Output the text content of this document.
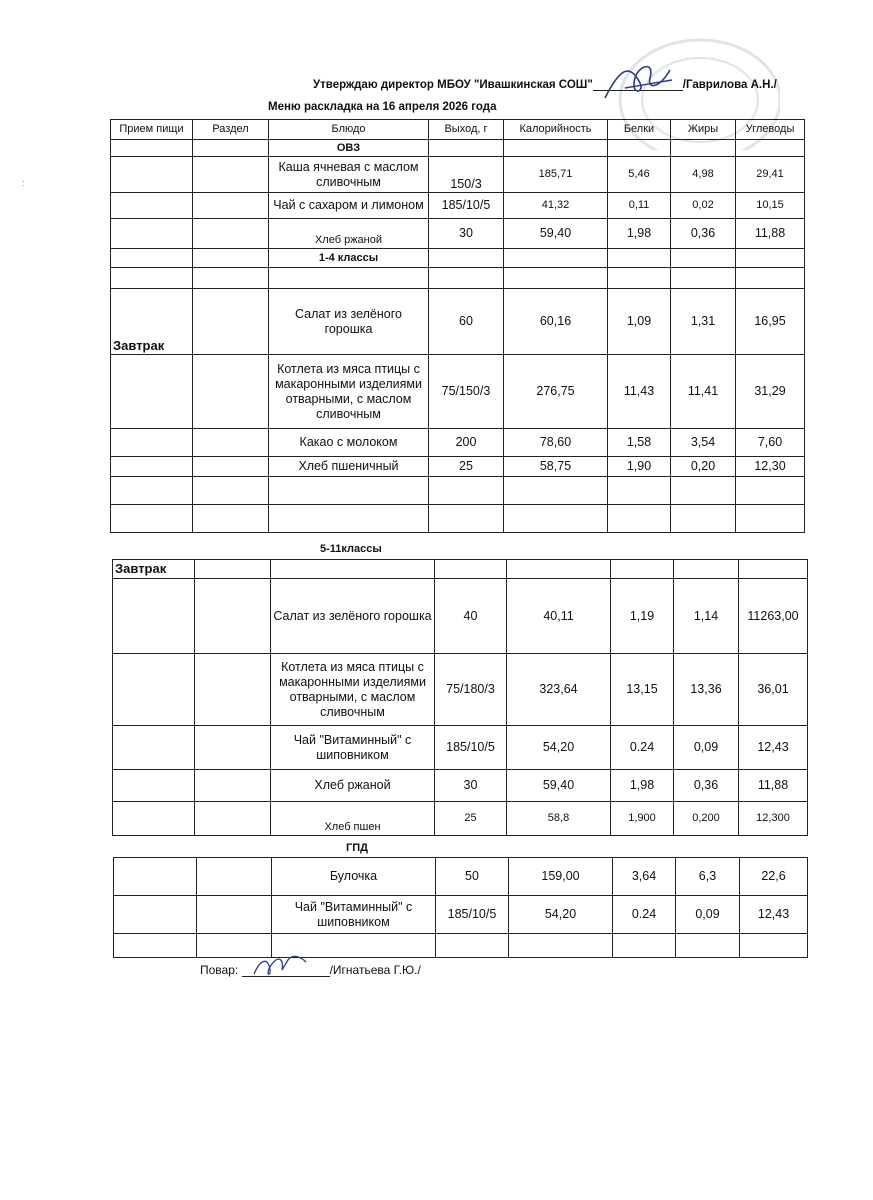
Утверждаю директор МБОУ "Ивашкинская СОШ"	/Гаврилова А.Н./
Меню раскладка на 16 апреля 2026 года
Прием пищи	Раздел	Блюдо	Выход, г	Калорийность	Белки	Жиры	Углеводы
		ОВЗ					
		Каша ячневая с маслом сливочным	150/3	185,71	5,46	4,98	29,41
		Чай с сахаром и лимоном	185/10/5	41,32	0,11	0,02	10,15
		Хлеб ржаной	30	59,40	1,98	0,36	11,88
		1-4 классы					

Завтрак		Салат из зелёного горошка	60	60,16	1,09	1,31	16,95
		Котлета из мяса птицы с макаронными изделиями отварными, с маслом сливочным	75/150/3	276,75	11,43	11,41	31,29
		Какао с молоком	200	78,60	1,58	3,54	7,60
		Хлеб пшеничный	25	58,75	1,90	0,20	12,30

5-11классы
Завтрак							
		Салат из зелёного горошка	40	40,11	1,19	1,14	11263,00
		Котлета из мяса птицы с макаронными изделиями отварными, с маслом сливочным	75/180/3	323,64	13,15	13,36	36,01
		Чай "Витаминный" с шиповником	185/10/5	54,20	0.24	0,09	12,43
		Хлеб ржаной	30	59,40	1,98	0,36	11,88
		Хлеб пшен	25	58,8	1,900	0,200	12,300
ГПД
		Булочка	50	159,00	3,64	6,3	22,6
		Чай "Витаминный" с шиповником	185/10/5	54,20	0.24	0,09	12,43

Повар:	/Игнатьева Г.Ю./
:
